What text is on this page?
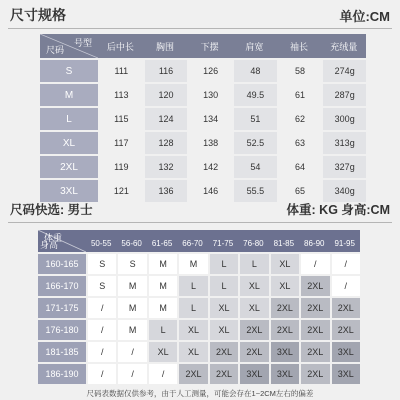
尺寸规格	单位:CM
号型
尺码	后中长	胸围	下摆	肩宽	袖长	充绒量
S	111	116	126	48	58	274g
M	113	120	130	49.5	61	287g
L	115	124	134	51	62	300g
XL	117	128	138	52.5	63	313g
2XL	119	132	142	54	64	327g
3XL	121	136	146	55.5	65	340g
尺码快选: 男士	体重: KG 身高:CM
体重
身高	50-55	56-60	61-65	66-70	71-75	76-80	81-85	86-90	91-95
160-165	S	S	M	M	L	L	XL	/	/
166-170	S	M	M	L	L	XL	XL	2XL	/
171-175	/	M	M	L	XL	XL	2XL	2XL	2XL
176-180	/	M	L	XL	XL	2XL	2XL	2XL	2XL
181-185	/	/	XL	XL	2XL	2XL	3XL	2XL	3XL
186-190	/	/	/	2XL	2XL	3XL	3XL	2XL	3XL
尺码表数据仅供参考，由于人工测量，可能会存在1~2CM左右的偏差
